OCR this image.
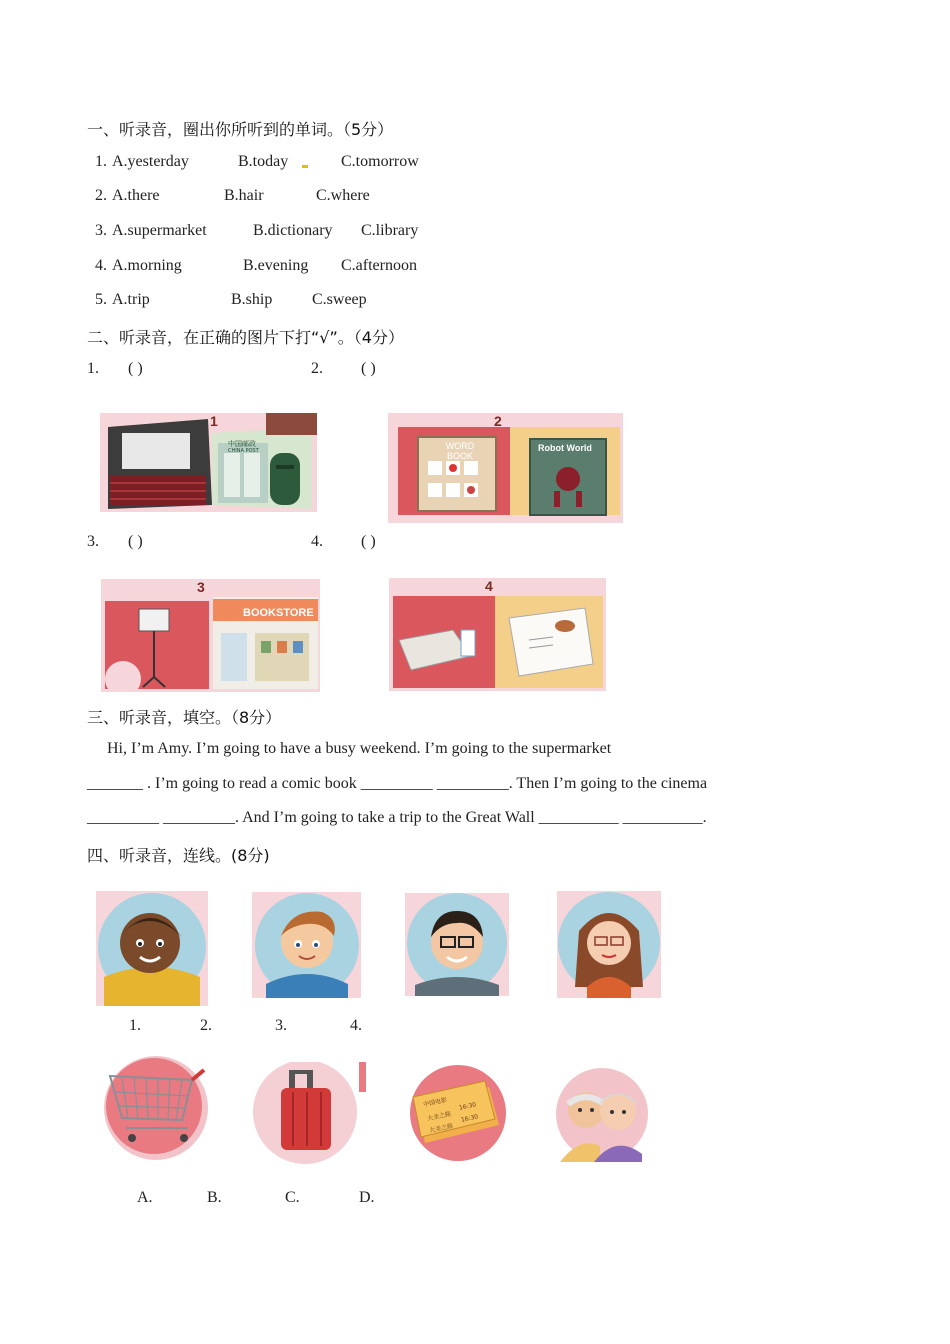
一、听录音，圈出你所听到的单词。（5分）
1. A.yesterday	B.today	C.tomorrow
2. A.there	B.hair	C.where
3. A.supermarket	B.dictionary C.library
4. A.morning	B.evening C.afternoon
5. A.trip	B.ship C.sweep
二、听录音，在正确的图片下打“√”。（4分）
1. ( )	2. ( )
1
中国邮政
CHINA POST
2
WORD BOOK
Robot World
3. ( )	4. ( )
3
BOOKSTORE
4
三、听录音，填空。（8分）
Hi, I’m Amy. I’m going to have a busy weekend. I’m going to the supermarket
_______ . I’m going to read a comic book _________ _________. Then I’m going to the cinema
_________ _________. And I’m going to take a trip to the Great Wall __________ __________.
四、听录音，连线。(8分)
1.	2.	3.	4.
中国电影
大圣之路
16:30
大圣之路
16:30
A.	B.	C.	D.
